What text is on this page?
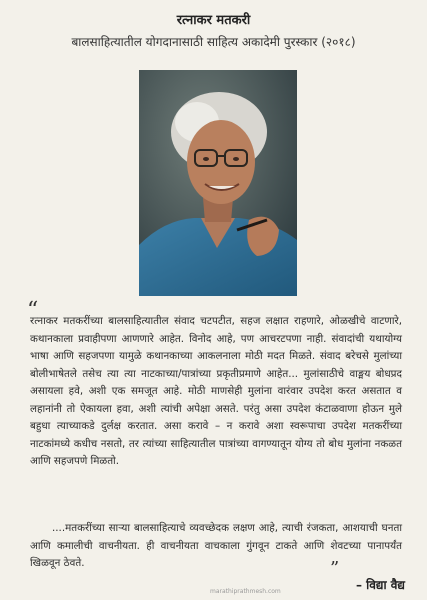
रत्नाकर मतकरी
बालसाहित्यातील योगदानासाठी साहित्य अकादेमी पुरस्कार (२०१८)
“

रत्नाकर मतकरींच्या बालसाहित्यातील संवाद चटपटीत, सहज लक्षात राहणारे, ओळखीचे वाटणारे, कथानकाला प्रवाहीपणा आणणारे आहेत. विनोद आहे, पण आचरटपणा नाही. संवादांची यथायोग्य भाषा आणि सहजपणा यामुळे कथानकाच्या आकलनाला मोठी मदत मिळते. संवाद बरेचसे मुलांच्या बोलीभाषेतले तसेच त्या त्या नाटकाच्या/पात्रांच्या प्रकृतीप्रमाणे आहेत... मुलांसाठीचे वाङ्मय बोधप्रद असायला हवे, अशी एक समजूत आहे. मोठी माणसेही मुलांना वारंवार उपदेश करत असतात व लहानांनी तो ऐकायला हवा, अशी त्यांची अपेक्षा असते. परंतु असा उपदेश कंटाळवाणा होऊन मुले बहुधा त्याच्याकडे दुर्लक्ष करतात. असा करावे – न करावे अशा स्वरूपाचा उपदेश मतकरींच्या नाटकांमध्ये कधीच नसतो, तर त्यांच्या साहित्यातील पात्रांच्या वागण्यातून योग्य तो बोध मुलांना नकळत आणि सहजपणे मिळतो.

....मतकरींच्या साऱ्या बालसाहित्याचे व्यवच्छेदक लक्षण आहे, त्याची रंजकता, आशयाची घनता आणि कमालीची वाचनीयता. ही वाचनीयता वाचकाला गुंगवून टाकते आणि शेवटच्या पानापर्यंत खिळवून ठेवते.	”
– विद्या वैद्य
marathiprathmesh.com
